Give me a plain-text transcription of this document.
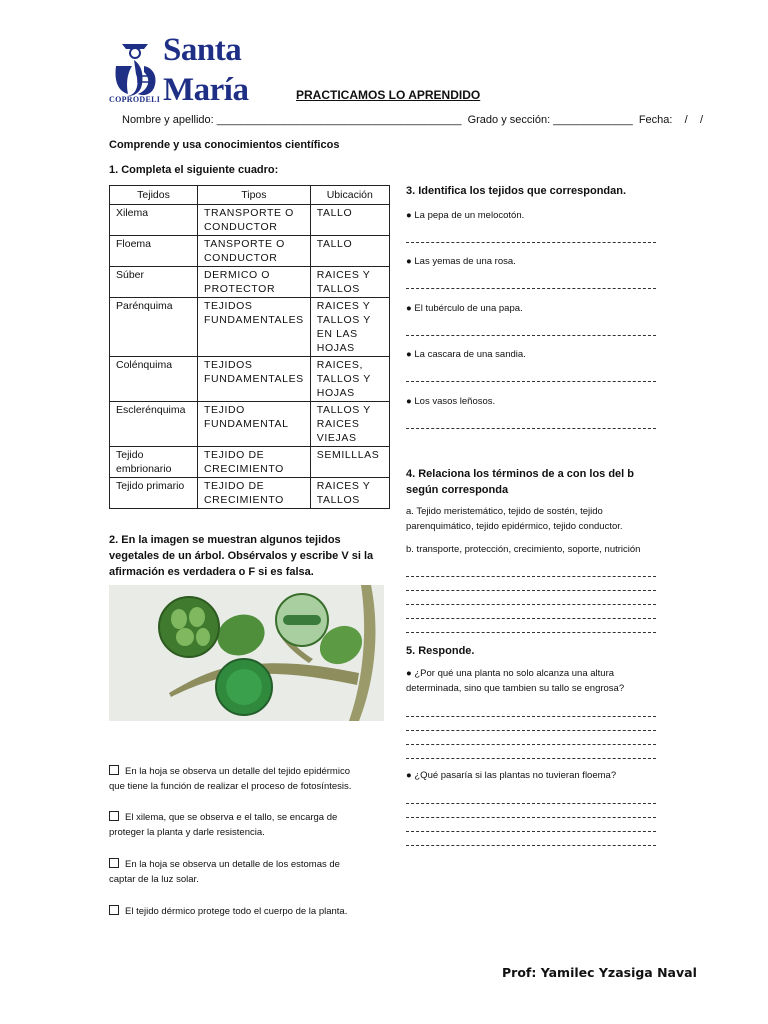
Santa
María
COPRODELI	PRACTICAMOS LO APRENDIDO
Nombre y apellido: ________________________________________  Grado y sección: _____________  Fecha:    /    /
Comprende y usa conocimientos científicos
1. Completa el siguiente cuadro:
Tejidos	Tipos	Ubicación
Xilema	TRANSPORTE O CONDUCTOR	TALLO
Floema	TANSPORTE O CONDUCTOR	TALLO
Súber	DERMICO O PROTECTOR	RAICES Y TALLOS
Parénquima	TEJIDOS FUNDAMENTALES	RAICES Y TALLOS Y EN LAS HOJAS
Colénquima	TEJIDOS FUNDAMENTALES	RAICES, TALLOS Y HOJAS
Esclerénquima	TEJIDO FUNDAMENTAL	TALLOS Y RAICES VIEJAS
Tejido embrionario	TEJIDO DE CRECIMIENTO	SEMILLLAS
Tejido primario	TEJIDO DE CRECIMIENTO	RAICES Y TALLOS
2. En la imagen se muestran algunos tejidos vegetales de un árbol. Obsérvalos y escribe V si la afirmación es verdadera o F si es falsa.
En la hoja se observa un detalle del tejido epidérmico que tiene la función de realizar el proceso de fotosíntesis.
El xilema, que se observa e el tallo, se encarga de proteger la planta y darle resistencia.
En la hoja se observa un detalle de los estomas de captar de la luz solar.
El tejido dérmico protege todo el cuerpo de la planta.
3. Identifica los tejidos que correspondan.
● La pepa de un melocotón.
● Las yemas de una rosa.
● El tubérculo de una papa.
● La cascara de una sandia.
● Los vasos leñosos.
4. Relaciona los términos de a con los del b según corresponda
a. Tejido meristemático, tejido de sostén, tejido parenquimático, tejido epidérmico, tejido conductor.
b. transporte, protección, crecimiento, soporte, nutrición
5. Responde.
● ¿Por qué una planta no solo alcanza una altura determinada, sino que tambien su tallo se engrosa?
● ¿Qué pasaría si las plantas no tuvieran floema?
Prof: Yamilec Yzasiga Naval
